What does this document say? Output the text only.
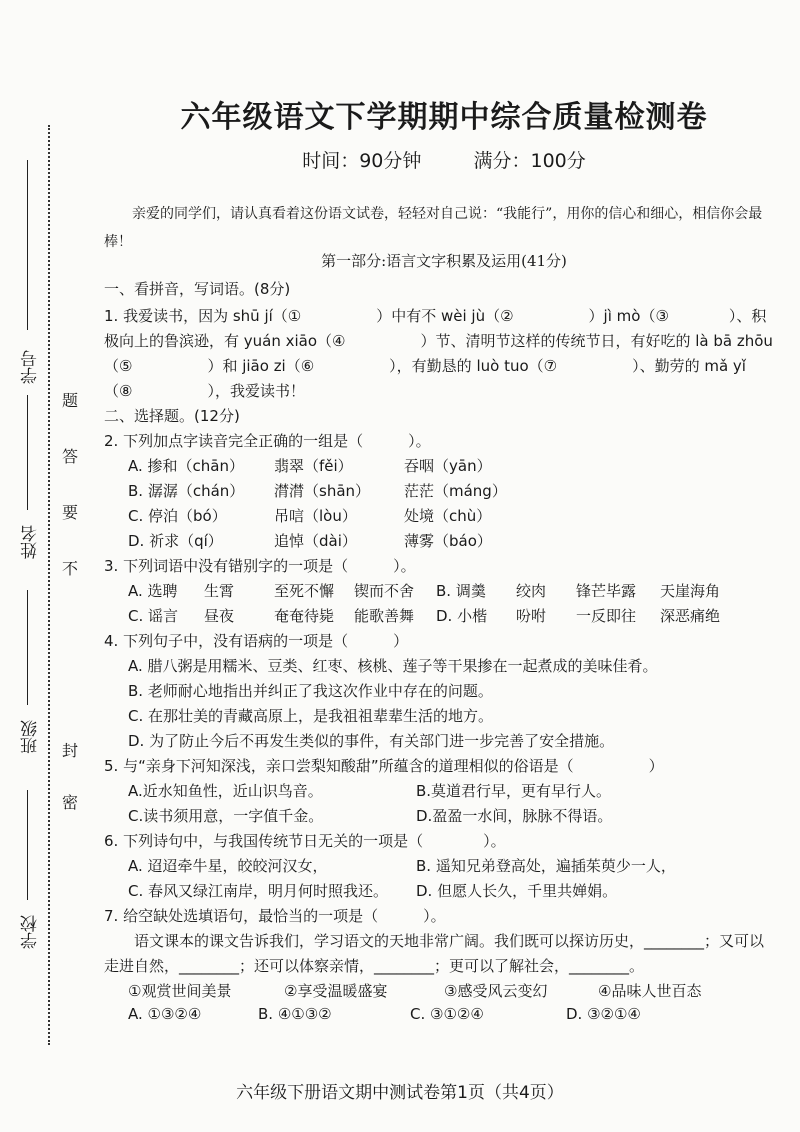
学号
姓名
班级
学校
密
封
不
要
答
题
六年级语文下学期期中综合质量检测卷
时间：90分钟	满分：100分
亲爱的同学们，请认真看着这份语文试卷，轻轻对自己说：“我能行”，用你的信心和细心，相信你会最棒！
第一部分:语言文字积累及运用(41分)
一、看拼音，写词语。(8分)
1. 我爱读书，因为 shū jí（①　　　　　）中有不 wèi jù（②　　　　　）jì mò（③　　　　）、积
极向上的鲁滨逊，有 yuán xiāo（④　　　　　）节、清明节这样的传统节日，有好吃的 là bā zhōu
（⑤　　　　　）和 jiāo zi（⑥　　　　　），有勤恳的 luò tuo（⑦　　　　　）、勤劳的 mǎ yǐ
（⑧　　　　　），我爱读书！
二、选择题。(12分)
2. 下列加点字读音完全正确的一组是（　　　）。
A. 掺和（chān） 翡翠（fěi）	吞咽（yān）
B. 潺潺（chán） 潸潸（shān） 茫茫（máng）
C. 停泊（bó）	吊唁（lòu）	处境（chù）
D. 祈求（qí）	追悼（dài）	薄雾（báo）
3. 下列词语中没有错别字的一项是（　　　）。
A. 选聘 生霄	至死不懈 锲而不舍 B. 调羹 绞肉 锋芒毕露 天崖海角
C. 谣言 昼夜	奄奄待毙 能歌善舞 D. 小楷 吩咐 一反即往 深恶痛绝
4. 下列句子中，没有语病的一项是（　　　）
A. 腊八粥是用糯米、豆类、红枣、核桃、莲子等干果掺在一起煮成的美味佳肴。
B. 老师耐心地指出并纠正了我这次作业中存在的问题。
C. 在那壮美的青藏高原上，是我祖祖辈辈生活的地方。
D. 为了防止今后不再发生类似的事件，有关部门进一步完善了安全措施。
5. 与“亲身下河知深浅，亲口尝梨知酸甜”所蕴含的道理相似的俗语是（　　　　　）
A.近水知鱼性，近山识鸟音。	B.莫道君行早，更有早行人。
C.读书须用意，一字值千金。	D.盈盈一水间，脉脉不得语。
6. 下列诗句中，与我国传统节日无关的一项是（　　　　）。
A. 迢迢牵牛星，皎皎河汉女，	B. 遥知兄弟登高处，遍插茱萸少一人，
C. 春风又绿江南岸，明月何时照我还。 D. 但愿人长久，千里共婵娟。
7. 给空缺处选填语句，最恰当的一项是（　　　）。
　　语文课本的课文告诉我们，学习语文的天地非常广阔。我们既可以探访历史，________；又可以
走进自然，________；还可以体察亲情，________；更可以了解社会，________。
①观赏世间美景	②享受温暖盛宴	③感受风云变幻	④品味人世百态
A. ①③②④	B. ④①③②	C. ③①②④	D. ③②①④
六年级下册语文期中测试卷第1页（共4页）
